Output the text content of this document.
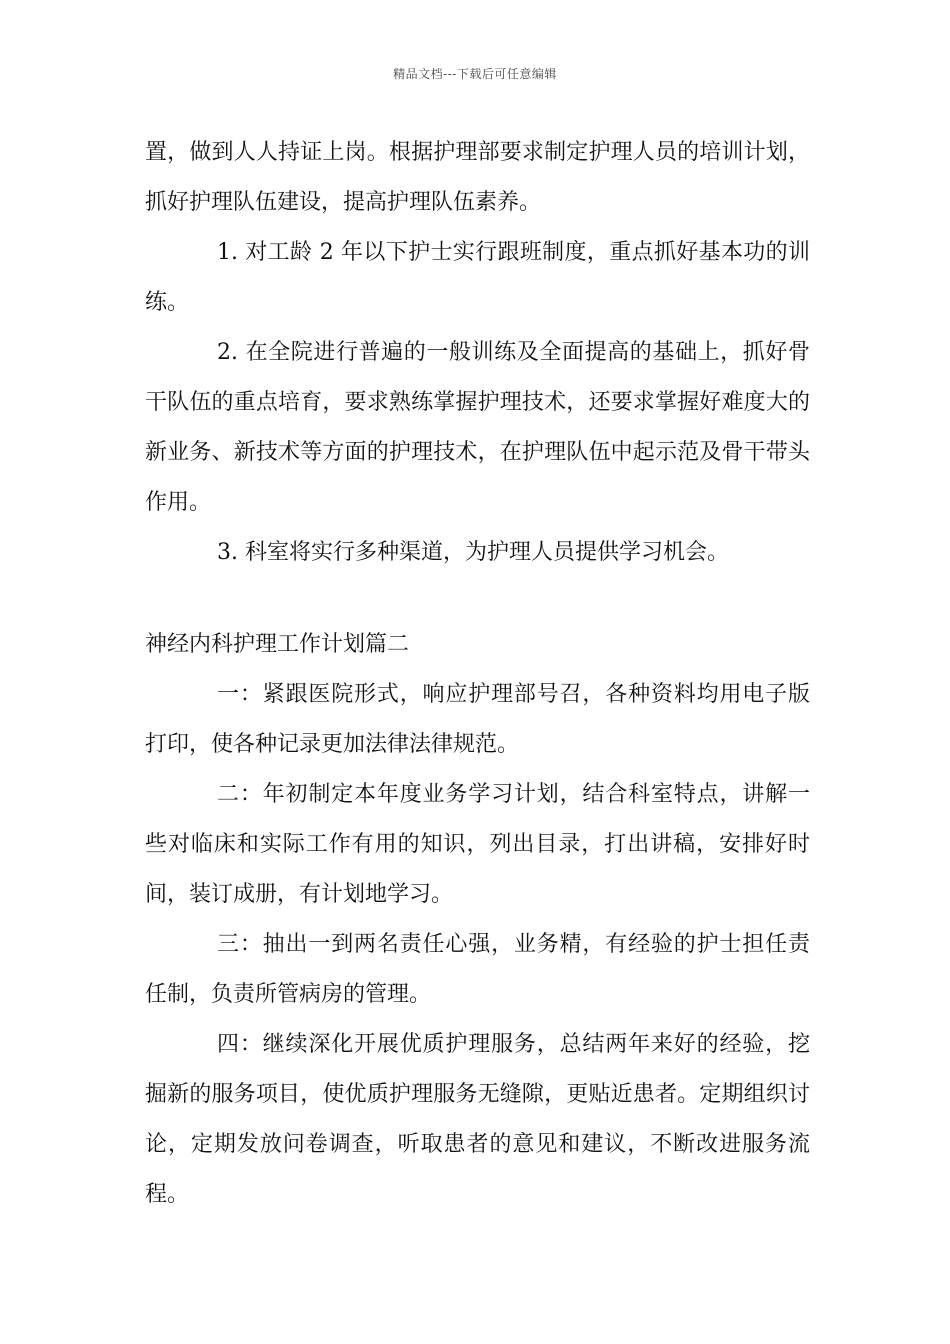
精品文档---下载后可任意编辑

置，做到人人持证上岗。根据护理部要求制定护理人员的培训计划，抓好护理队伍建设，提高护理队伍素养。

1. 对工龄 2 年以下护士实行跟班制度，重点抓好基本功的训练。

2. 在全院进行普遍的一般训练及全面提高的基础上，抓好骨干队伍的重点培育，要求熟练掌握护理技术，还要求掌握好难度大的新业务、新技术等方面的护理技术，在护理队伍中起示范及骨干带头作用。

3. 科室将实行多种渠道，为护理人员提供学习机会。

神经内科护理工作计划篇二

一：紧跟医院形式，响应护理部号召，各种资料均用电子版打印，使各种记录更加法律法律规范。

二：年初制定本年度业务学习计划，结合科室特点，讲解一些对临床和实际工作有用的知识，列出目录，打出讲稿，安排好时间，装订成册，有计划地学习。

三：抽出一到两名责任心强，业务精，有经验的护士担任责任制，负责所管病房的管理。

四：继续深化开展优质护理服务，总结两年来好的经验，挖掘新的服务项目，使优质护理服务无缝隙，更贴近患者。定期组织讨论，定期发放问卷调查，听取患者的意见和建议，不断改进服务流程。
